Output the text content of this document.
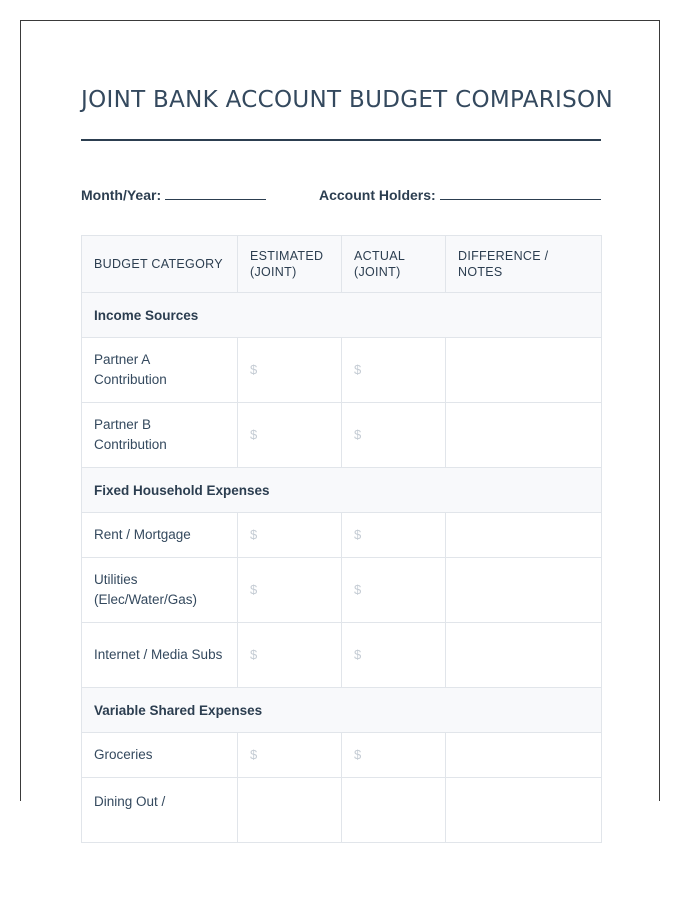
JOINT BANK ACCOUNT BUDGET COMPARISON
Month/Year:	Account Holders:
BUDGET CATEGORY	ESTIMATED (JOINT)	ACTUAL (JOINT)	DIFFERENCE / NOTES
Income Sources			
Partner A Contribution	$	$	
Partner B Contribution	$	$	
Fixed Household Expenses			
Rent / Mortgage	$	$	
Utilities (Elec/Water/Gas)	$	$	
Internet / Media Subs	$	$	
Variable Shared Expenses			
Groceries	$	$	
Dining Out /			
